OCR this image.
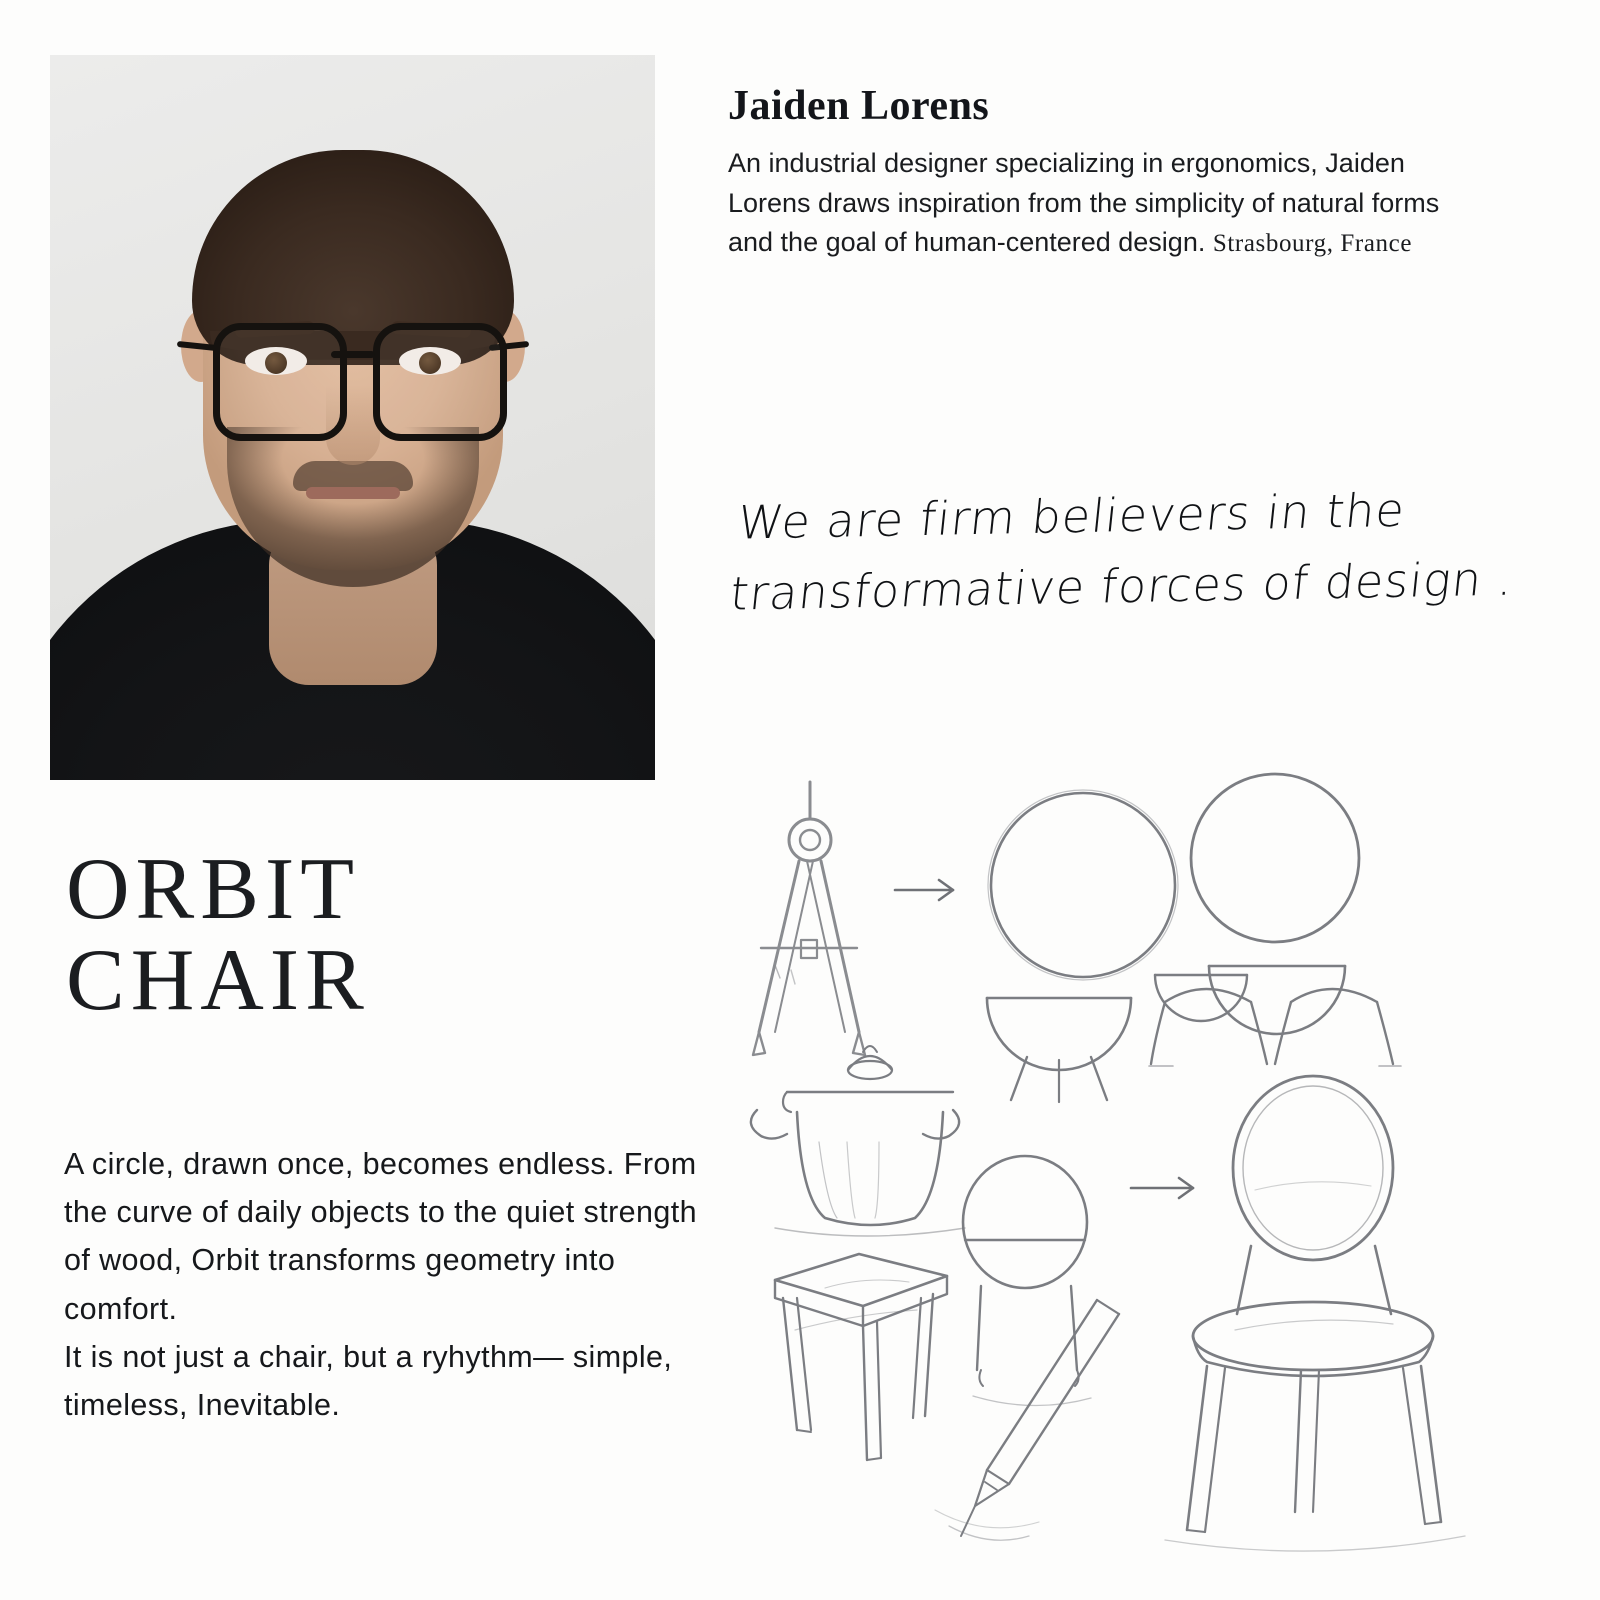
ORBIT
CHAIR

A circle, drawn once, becomes endless. From the curve of daily objects to the quiet strength of wood, Orbit transforms geometry into comfort.

It is not just a chair, but a ryhythm— simple, timeless, Inevitable.

Jaiden Lorens

An industrial designer specializing in ergonomics, Jaiden Lorens draws inspiration from the simplicity of natural forms and the goal of human-centered design. Strasbourg, France

We are firm believers in the transformative forces of design .
